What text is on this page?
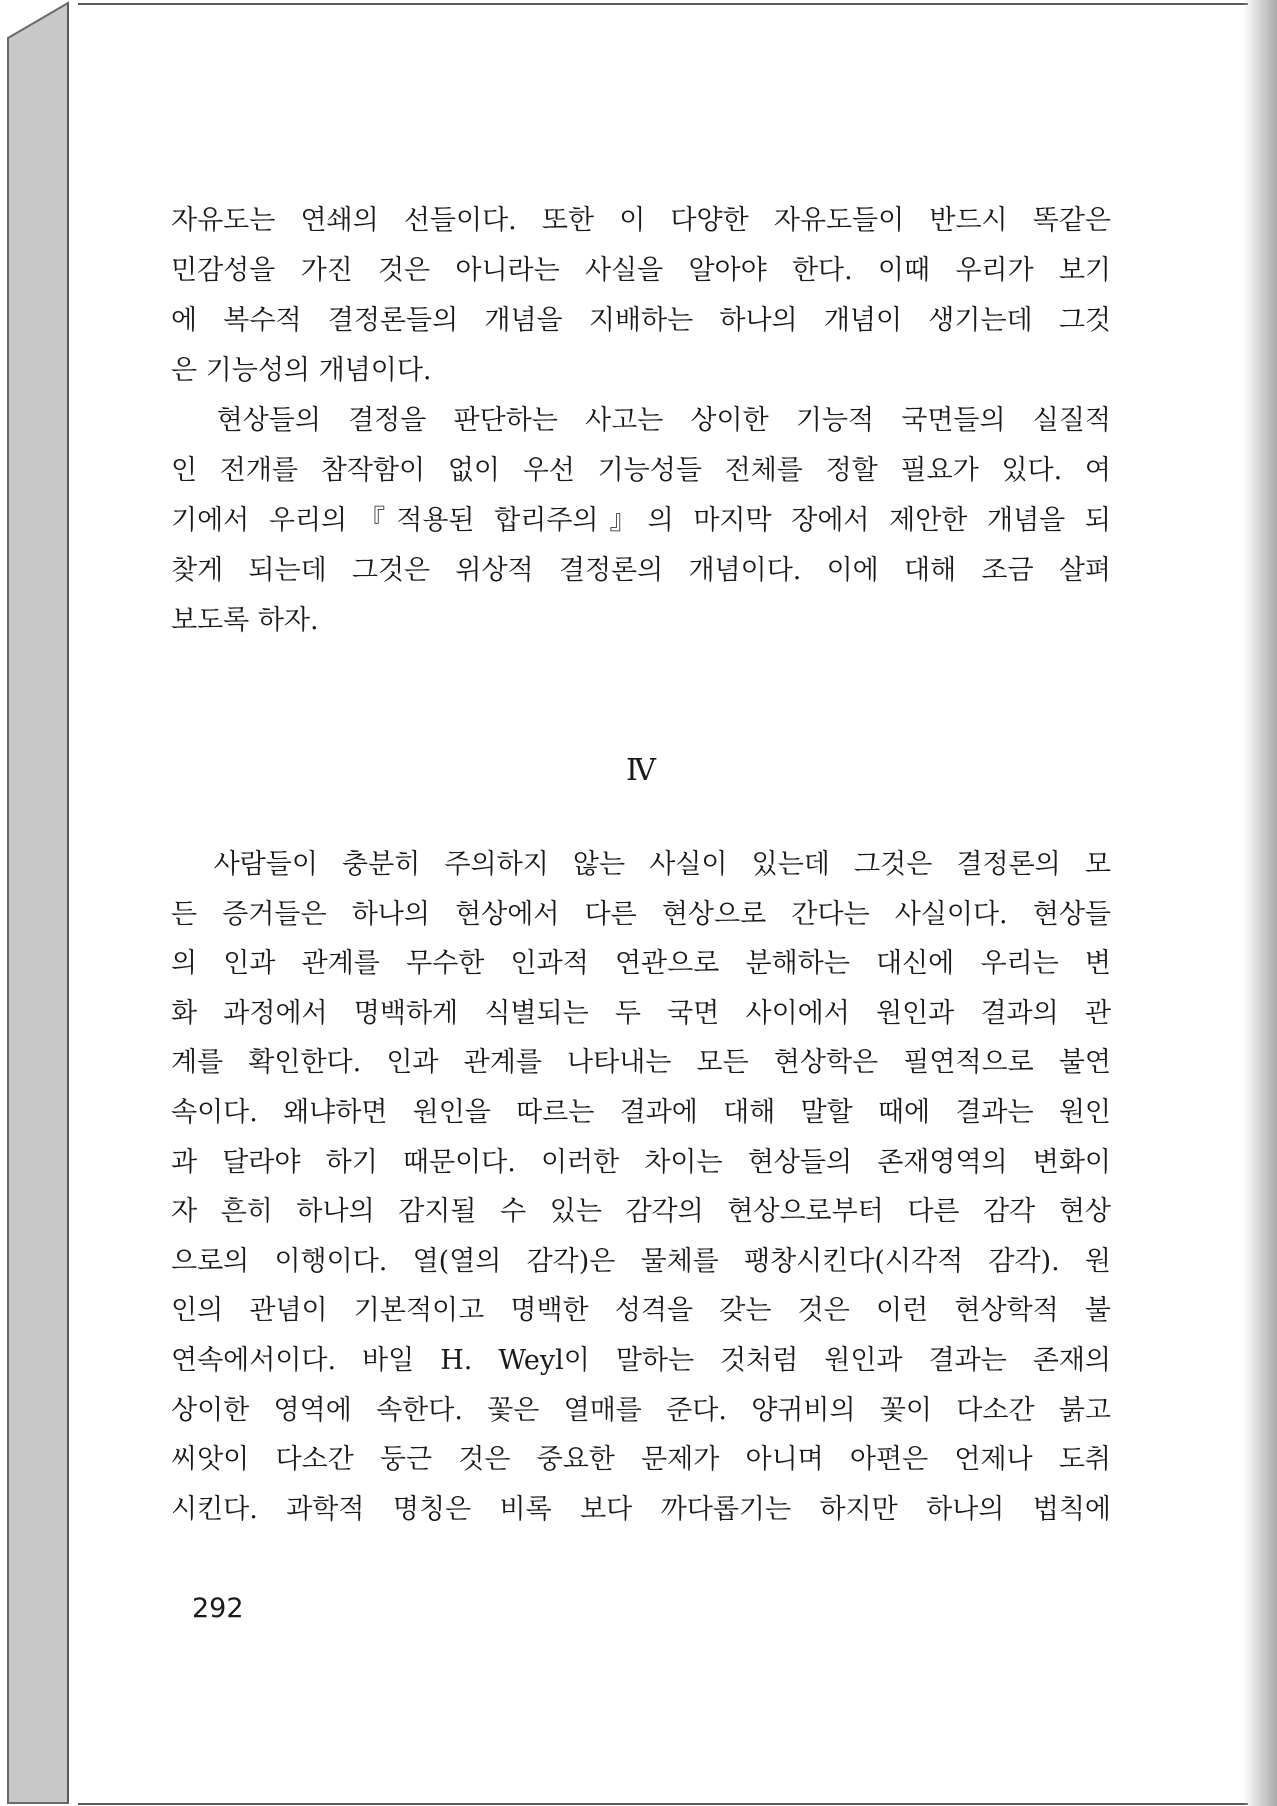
자유도는 연쇄의 선들이다. 또한 이 다양한 자유도들이 반드시 똑같은
민감성을 가진 것은 아니라는 사실을 알아야 한다. 이때 우리가 보기
에 복수적 결정론들의 개념을 지배하는 하나의 개념이 생기는데 그것
은 기능성의 개념이다.
　현상들의 결정을 판단하는 사고는 상이한 기능적 국면들의 실질적
인 전개를 참작함이 없이 우선 기능성들 전체를 정할 필요가 있다. 여
기에서 우리의『적용된 합리주의』의 마지막 장에서 제안한 개념을 되
찾게 되는데 그것은 위상적 결정론의 개념이다. 이에 대해 조금 살펴
보도록 하자.
Ⅳ
　사람들이 충분히 주의하지 않는 사실이 있는데 그것은 결정론의 모
든 증거들은 하나의 현상에서 다른 현상으로 간다는 사실이다. 현상들
의 인과 관계를 무수한 인과적 연관으로 분해하는 대신에 우리는 변
화 과정에서 명백하게 식별되는 두 국면 사이에서 원인과 결과의 관
계를 확인한다. 인과 관계를 나타내는 모든 현상학은 필연적으로 불연
속이다. 왜냐하면 원인을 따르는 결과에 대해 말할 때에 결과는 원인
과 달라야 하기 때문이다. 이러한 차이는 현상들의 존재영역의 변화이
자 흔히 하나의 감지될 수 있는 감각의 현상으로부터 다른 감각 현상
으로의 이행이다. 열(열의 감각)은 물체를 팽창시킨다(시각적 감각). 원
인의 관념이 기본적이고 명백한 성격을 갖는 것은 이런 현상학적 불
연속에서이다. 바일 H. Weyl이 말하는 것처럼 원인과 결과는 존재의
상이한 영역에 속한다. 꽃은 열매를 준다. 양귀비의 꽃이 다소간 붉고
씨앗이 다소간 둥근 것은 중요한 문제가 아니며 아편은 언제나 도취
시킨다. 과학적 명칭은 비록 보다 까다롭기는 하지만 하나의 법칙에
292
